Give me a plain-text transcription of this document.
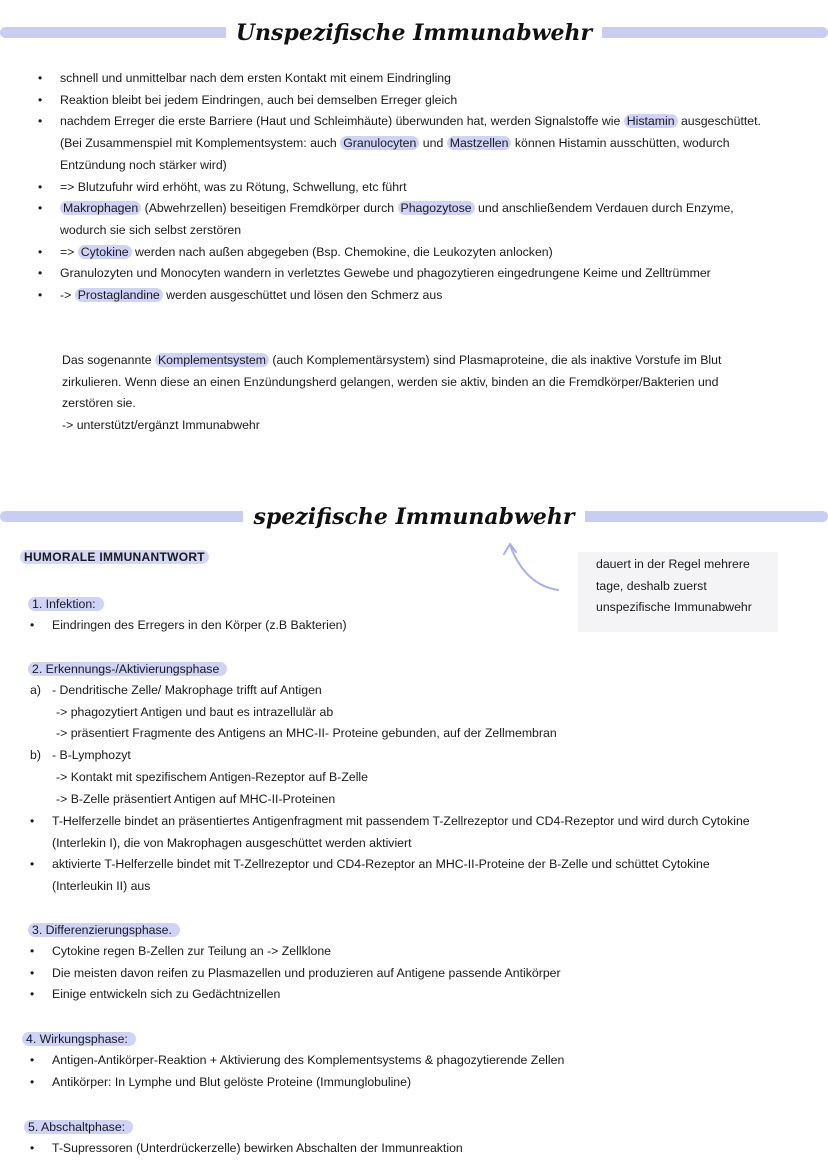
Unspezifische Immunabwehr
• schnell und unmittelbar nach dem ersten Kontakt mit einem Eindringling
• Reaktion bleibt bei jedem Eindringen, auch bei demselben Erreger gleich
• nachdem Erreger die erste Barriere (Haut und Schleimhäute) überwunden hat, werden Signalstoffe wie Histamin ausgeschüttet. (Bei Zusammenspiel mit Komplementsystem: auch Granulocyten und Mastzellen können Histamin ausschütten, wodurch Entzündung noch stärker wird)
• => Blutzufuhr wird erhöht, was zu Rötung, Schwellung, etc führt
• Makrophagen (Abwehrzellen) beseitigen Fremdkörper durch Phagozytose und anschließendem Verdauen durch Enzyme, wodurch sie sich selbst zerstören
• => Cytokine werden nach außen abgegeben (Bsp. Chemokine, die Leukozyten anlocken)
• Granulozyten und Monocyten wandern in verletztes Gewebe und phagozytieren eingedrungene Keime und Zelltrümmer
• -> Prostaglandine werden ausgeschüttet und lösen den Schmerz aus
Das sogenannte Komplementsystem (auch Komplementärsystem) sind Plasmaproteine, die als inaktive Vorstufe im Blut zirkulieren. Wenn diese an einen Enzündungsherd gelangen, werden sie aktiv, binden an die Fremdkörper/Bakterien und zerstören sie.
-> unterstützt/ergänzt Immunabwehr
spezifische Immunabwehr
HUMORALE IMMUNANTWORT	dauert in der Regel mehrere tage, deshalb zuerst unspezifische Immunabwehr
1. Infektion:
• Eindringen des Erregers in den Körper (z.B Bakterien)
2. Erkennungs-/Aktivierungsphase
a) - Dendritische Zelle/ Makrophage trifft auf Antigen
-> phagozytiert Antigen und baut es intrazellulär ab
-> präsentiert Fragmente des Antigens an MHC-II- Proteine gebunden, auf der Zellmembran
b) - B-Lymphozyt
-> Kontakt mit spezifischem Antigen-Rezeptor auf B-Zelle
-> B-Zelle präsentiert Antigen auf MHC-II-Proteinen
• T-Helferzelle bindet an präsentiertes Antigenfragment mit passendem T-Zellrezeptor und CD4-Rezeptor und wird durch Cytokine (Interlekin I), die von Makrophagen ausgeschüttet werden aktiviert
• aktivierte T-Helferzelle bindet mit T-Zellrezeptor und CD4-Rezeptor an MHC-II-Proteine der B-Zelle und schüttet Cytokine (Interleukin II) aus
3. Differenzierungsphase.
• Cytokine regen B-Zellen zur Teilung an -> Zellklone
• Die meisten davon reifen zu Plasmazellen und produzieren auf Antigene passende Antikörper
• Einige entwickeln sich zu Gedächtnizellen
4. Wirkungsphase:
• Antigen-Antikörper-Reaktion + Aktivierung des Komplementsystems & phagozytierende Zellen
• Antikörper: In Lymphe und Blut gelöste Proteine (Immunglobuline)
5. Abschaltphase:
• T-Supressoren (Unterdrückerzelle) bewirken Abschalten der Immunreaktion
